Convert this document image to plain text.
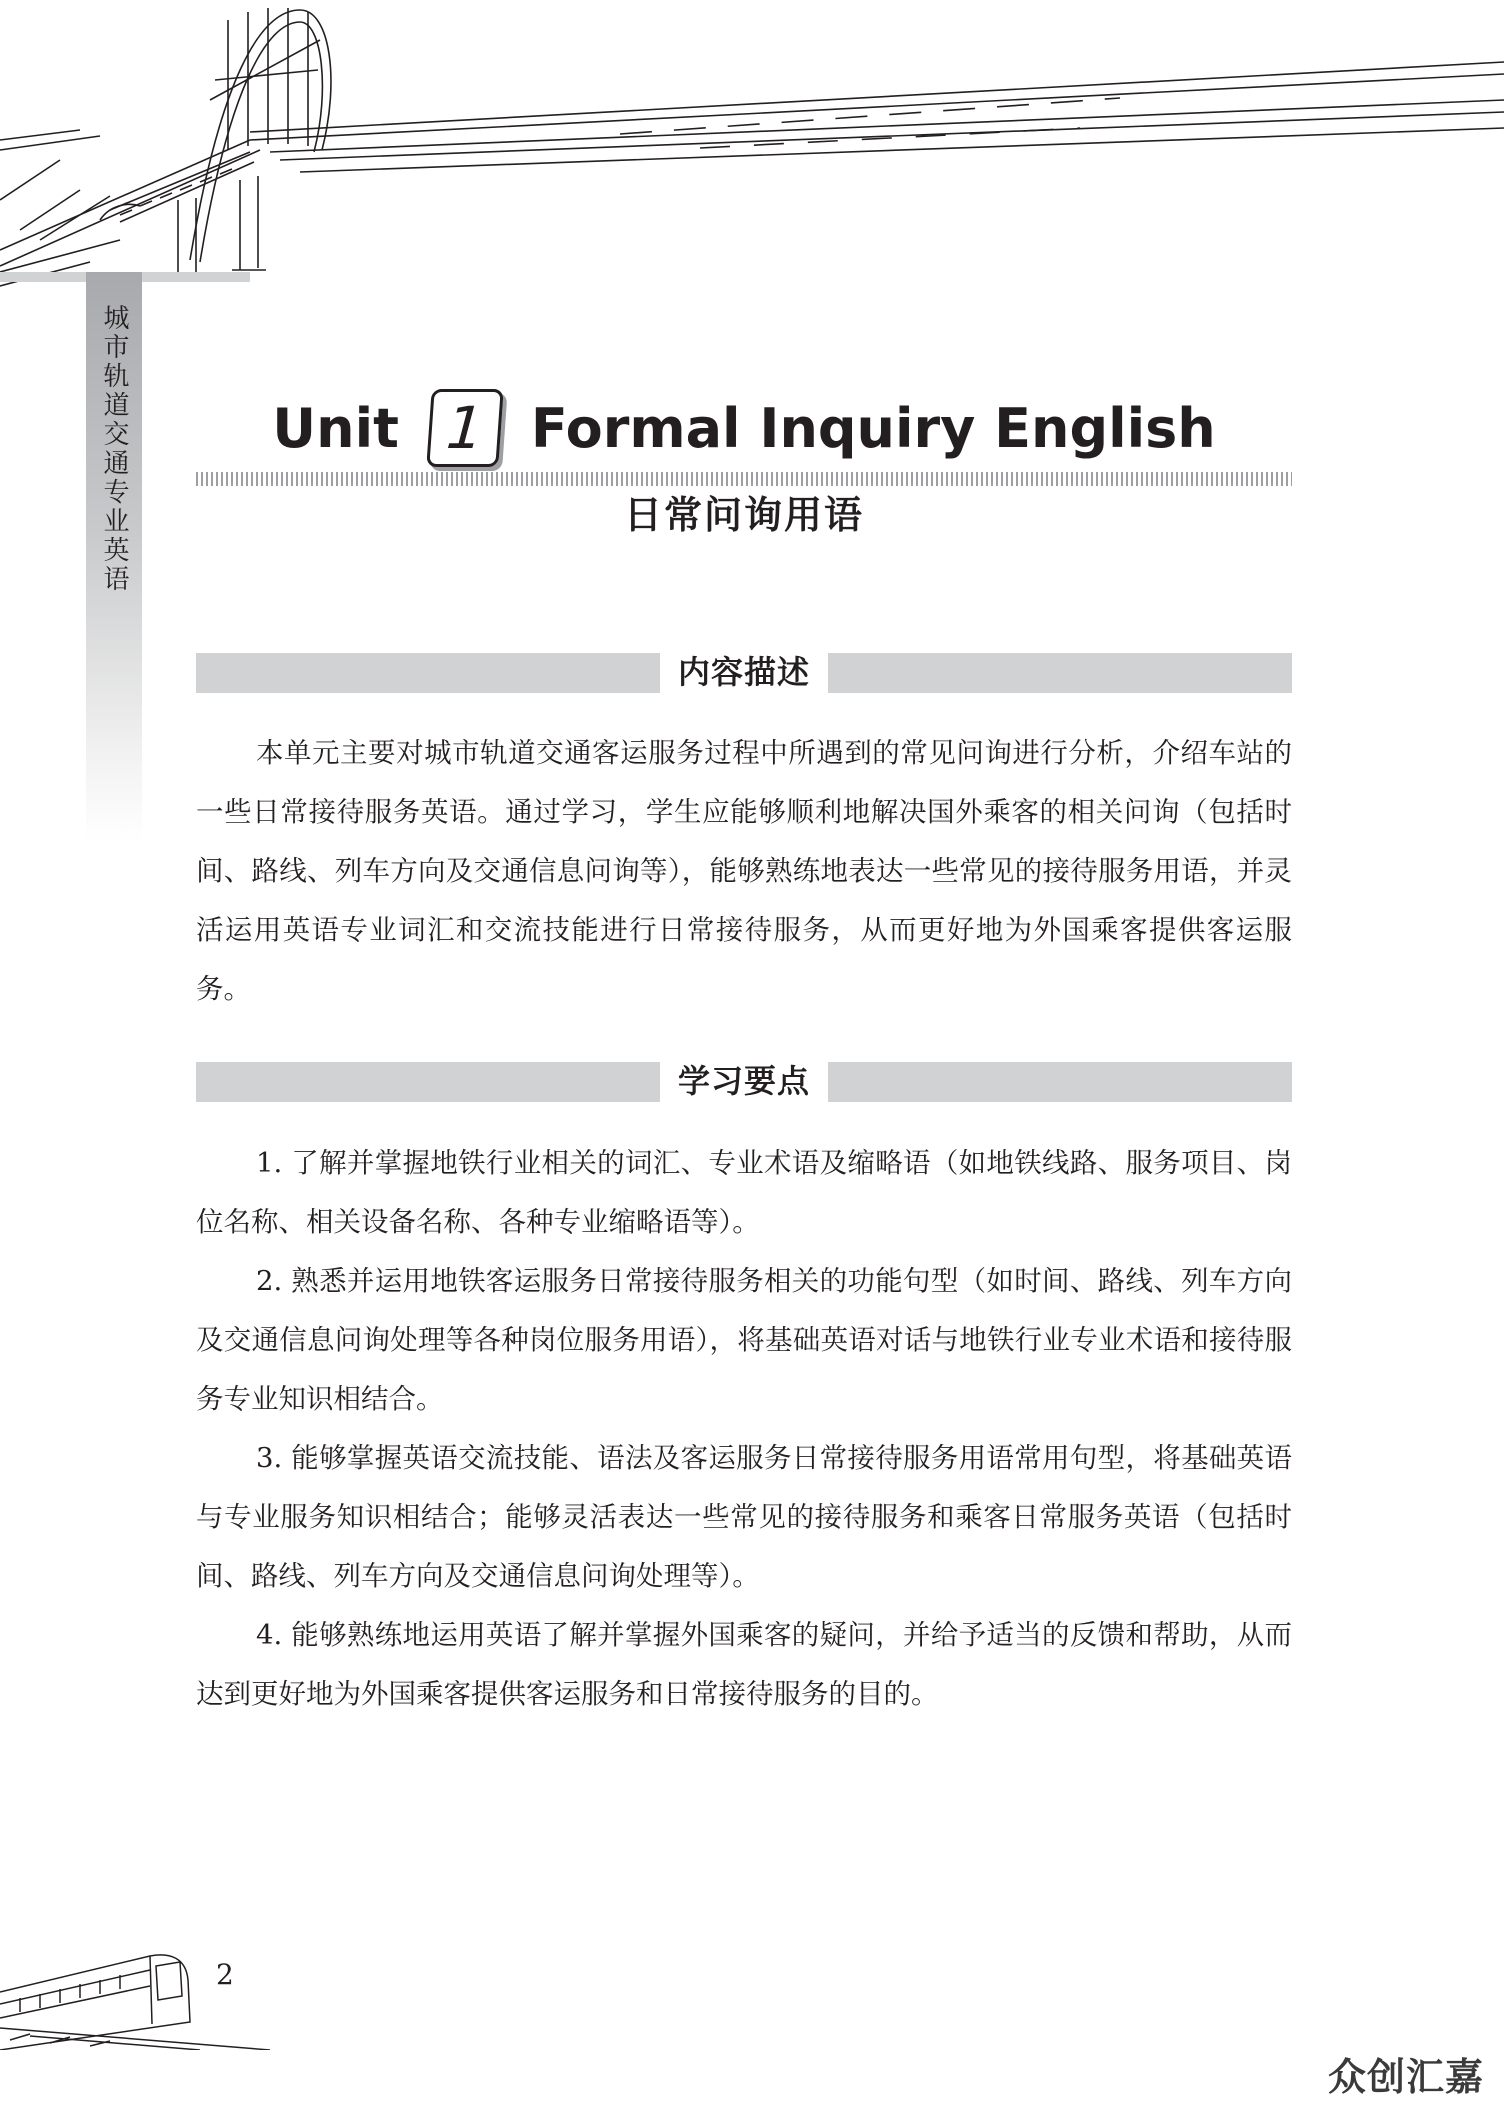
城市轨道交通专业英语	Unit 1 Formal Inquiry English
日常问询用语
内容描述

本单元主要对城市轨道交通客运服务过程中所遇到的常见问询进行分析，介绍车站的一些日常接待服务英语。通过学习，学生应能够顺利地解决国外乘客的相关问询（包括时间、路线、列车方向及交通信息问询等），能够熟练地表达一些常见的接待服务用语，并灵活运用英语专业词汇和交流技能进行日常接待服务，从而更好地为外国乘客提供客运服务。

学习要点

1. 了解并掌握地铁行业相关的词汇、专业术语及缩略语（如地铁线路、服务项目、岗位名称、相关设备名称、各种专业缩略语等）。

2. 熟悉并运用地铁客运服务日常接待服务相关的功能句型（如时间、路线、列车方向及交通信息问询处理等各种岗位服务用语），将基础英语对话与地铁行业专业术语和接待服务专业知识相结合。

3. 能够掌握英语交流技能、语法及客运服务日常接待服务用语常用句型，将基础英语与专业服务知识相结合；能够灵活表达一些常见的接待服务和乘客日常服务英语（包括时间、路线、列车方向及交通信息问询处理等）。

4. 能够熟练地运用英语了解并掌握外国乘客的疑问，并给予适当的反馈和帮助，从而达到更好地为外国乘客提供客运服务和日常接待服务的目的。

2
众创汇嘉
